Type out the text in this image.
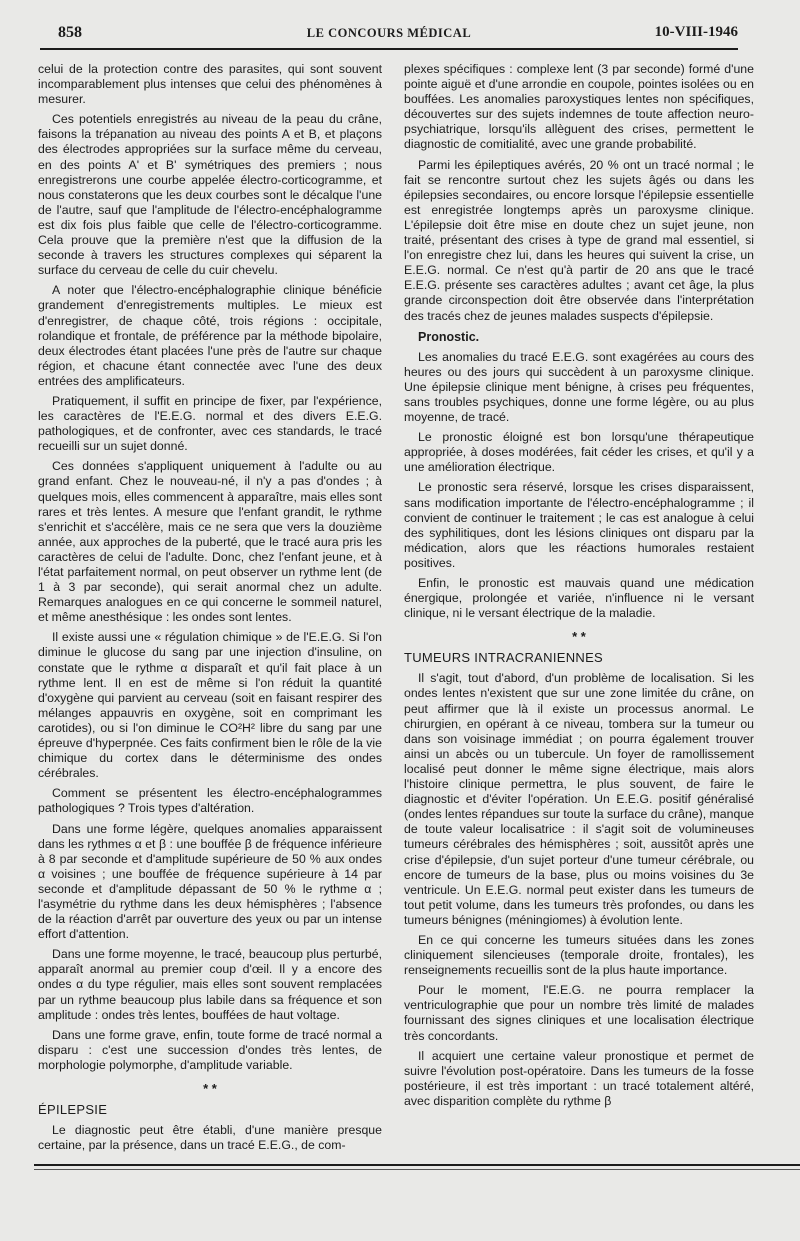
858	LE CONCOURS MÉDICAL	10-VIII-1946

celui de la protection contre des parasites, qui sont souvent incomparablement plus intenses que celui des phénomènes à mesurer.

Ces potentiels enregistrés au niveau de la peau du crâne, faisons la trépanation au niveau des points A et B, et plaçons des électrodes appropriées sur la surface même du cerveau, en des points A' et B' symétriques des premiers ; nous enregistrerons une courbe appelée électro-corticogramme, et nous constaterons que les deux courbes sont le décalque l'une de l'autre, sauf que l'amplitude de l'électro-encéphalogramme est dix fois plus faible que celle de l'électro-corticogramme. Cela prouve que la première n'est que la diffusion de la seconde à travers les structures complexes qui séparent la surface du cerveau de celle du cuir chevelu.

A noter que l'électro-encéphalographie clinique bénéficie grandement d'enregistrements multiples. Le mieux est d'enregistrer, de chaque côté, trois régions : occipitale, rolandique et frontale, de préférence par la méthode bipolaire, deux électrodes étant placées l'une près de l'autre sur chaque région, et chacune étant connectée avec l'une des deux entrées des amplificateurs.

Pratiquement, il suffit en principe de fixer, par l'expérience, les caractères de l'E.E.G. normal et des divers E.E.G. pathologiques, et de confronter, avec ces standards, le tracé recueilli sur un sujet donné.

Ces données s'appliquent uniquement à l'adulte ou au grand enfant. Chez le nouveau-né, il n'y a pas d'ondes ; à quelques mois, elles commencent à apparaître, mais elles sont rares et très lentes. A mesure que l'enfant grandit, le rythme s'enrichit et s'accélère, mais ce ne sera que vers la douzième année, aux approches de la puberté, que le tracé aura pris les caractères de celui de l'adulte. Donc, chez l'enfant jeune, et à l'état parfaitement normal, on peut observer un rythme lent (de 1 à 3 par seconde), qui serait anormal chez un adulte. Remarques analogues en ce qui concerne le sommeil naturel, et même anesthésique : les ondes sont lentes.

Il existe aussi une « régulation chimique » de l'E.E.G. Si l'on diminue le glucose du sang par une injection d'insuline, on constate que le rythme α disparaît et qu'il fait place à un rythme lent. Il en est de même si l'on réduit la quantité d'oxygène qui parvient au cerveau (soit en faisant respirer des mélanges appauvris en oxygène, soit en comprimant les carotides), ou si l'on diminue le CO²H² libre du sang par une épreuve d'hyperpnée. Ces faits confirment bien le rôle de la vie chimique du cortex dans le déterminisme des ondes cérébrales.

Comment se présentent les électro-encéphalogrammes pathologiques ? Trois types d'altération.

Dans une forme légère, quelques anomalies apparaissent dans les rythmes α et β : une bouffée β de fréquence inférieure à 8 par seconde et d'amplitude supérieure de 50 % aux ondes α voisines ; une bouffée de fréquence supérieure à 14 par seconde et d'amplitude dépassant de 50 % le rythme α ; l'asymétrie du rythme dans les deux hémisphères ; l'absence de la réaction d'arrêt par ouverture des yeux ou par un intense effort d'attention.

Dans une forme moyenne, le tracé, beaucoup plus perturbé, apparaît anormal au premier coup d'œil. Il y a encore des ondes α du type régulier, mais elles sont souvent remplacées par un rythme beaucoup plus labile dans sa fréquence et son amplitude : ondes très lentes, bouffées de haut voltage.

Dans une forme grave, enfin, toute forme de tracé normal a disparu : c'est une succession d'ondes très lentes, de morphologie polymorphe, d'amplitude variable.

* *
ÉPILEPSIE

Le diagnostic peut être établi, d'une manière presque certaine, par la présence, dans un tracé E.E.G., de com-

plexes spécifiques : complexe lent (3 par seconde) formé d'une pointe aiguë et d'une arrondie en coupole, pointes isolées ou en bouffées. Les anomalies paroxystiques lentes non spécifiques, découvertes sur des sujets indemnes de toute affection neuro-psychiatrique, lorsqu'ils allèguent des crises, permettent le diagnostic de comitialité, avec une grande probabilité.

Parmi les épileptiques avérés, 20 % ont un tracé normal ; le fait se rencontre surtout chez les sujets âgés ou dans les épilepsies secondaires, ou encore lorsque l'épilepsie essentielle est enregistrée longtemps après un paroxysme clinique. L'épilepsie doit être mise en doute chez un sujet jeune, non traité, présentant des crises à type de grand mal essentiel, si l'on enregistre chez lui, dans les heures qui suivent la crise, un E.E.G. normal. Ce n'est qu'à partir de 20 ans que le tracé E.E.G. présente ses caractères adultes ; avant cet âge, la plus grande circonspection doit être observée dans l'interprétation des tracés chez de jeunes malades suspects d'épilepsie.

Pronostic.

Les anomalies du tracé E.E.G. sont exagérées au cours des heures ou des jours qui succèdent à un paroxysme clinique. Une épilepsie clinique ment bénigne, à crises peu fréquentes, sans troubles psychiques, donne une forme légère, ou au plus moyenne, de tracé.

Le pronostic éloigné est bon lorsqu'une thérapeutique appropriée, à doses modérées, fait céder les crises, et qu'il y a une amélioration électrique.

Le pronostic sera réservé, lorsque les crises disparaissent, sans modification importante de l'électro-encéphalogramme ; il convient de continuer le traitement ; le cas est analogue à celui des syphilitiques, dont les lésions cliniques ont disparu par la médication, alors que les réactions humorales restaient positives.

Enfin, le pronostic est mauvais quand une médication énergique, prolongée et variée, n'influence ni le versant clinique, ni le versant électrique de la maladie.

* *
TUMEURS INTRACRANIENNES

Il s'agit, tout d'abord, d'un problème de localisation. Si les ondes lentes n'existent que sur une zone limitée du crâne, on peut affirmer que là il existe un processus anormal. Le chirurgien, en opérant à ce niveau, tombera sur la tumeur ou dans son voisinage immédiat ; on pourra également trouver ainsi un abcès ou un tubercule. Un foyer de ramollissement localisé peut donner le même signe électrique, mais alors l'histoire clinique permettra, le plus souvent, de faire le diagnostic et d'éviter l'opération. Un E.E.G. positif généralisé (ondes lentes répandues sur toute la surface du crâne), manque de toute valeur localisatrice : il s'agit soit de volumineuses tumeurs cérébrales des hémisphères ; soit, aussitôt après une crise d'épilepsie, d'un sujet porteur d'une tumeur cérébrale, ou encore de tumeurs de la base, plus ou moins voisines du 3e ventricule. Un E.E.G. normal peut exister dans les tumeurs de tout petit volume, dans les tumeurs très profondes, ou dans les tumeurs bénignes (méningiomes) à évolution lente.

En ce qui concerne les tumeurs situées dans les zones cliniquement silencieuses (temporale droite, frontales), les renseignements recueillis sont de la plus haute importance.

Pour le moment, l'E.E.G. ne pourra remplacer la ventriculographie que pour un nombre très limité de malades fournissant des signes cliniques et une localisation électrique très concordants.

Il acquiert une certaine valeur pronostique et permet de suivre l'évolution post-opératoire. Dans les tumeurs de la fosse postérieure, il est très important : un tracé totalement altéré, avec disparition complète du rythme β
